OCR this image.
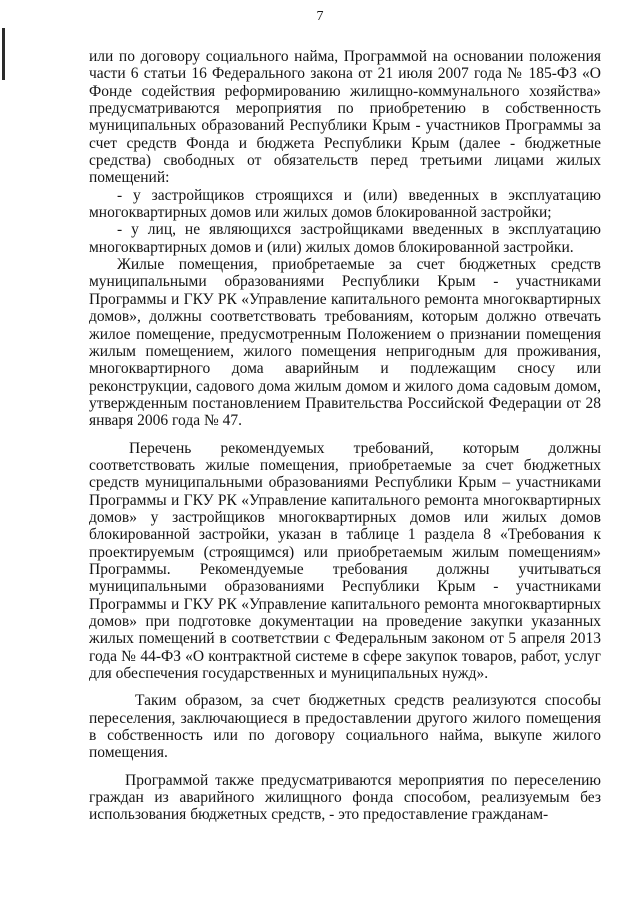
7

или по договору социального найма, Программой на основании положения части 6 статьи 16 Федерального закона от 21 июля 2007 года № 185-ФЗ «О Фонде содействия реформированию жилищно-коммунального хозяйства» предусматриваются мероприятия по приобретению в собственность муниципальных образований Республики Крым - участников Программы за счет средств Фонда и бюджета Республики Крым (далее - бюджетные средства) свободных от обязательств перед третьими лицами жилых помещений:

- у застройщиков строящихся и (или) введенных в эксплуатацию многоквартирных домов или жилых домов блокированной застройки;

- у лиц, не являющихся застройщиками введенных в эксплуатацию многоквартирных домов и (или) жилых домов блокированной застройки.

Жилые помещения, приобретаемые за счет бюджетных средств муниципальными образованиями Республики Крым - участниками Программы и ГКУ РК «Управление капитального ремонта многоквартирных домов», должны соответствовать требованиям, которым должно отвечать жилое помещение, предусмотренным Положением о признании помещения жилым помещением, жилого помещения непригодным для проживания, многоквартирного дома аварийным и подлежащим сносу или реконструкции, садового дома жилым домом и жилого дома садовым домом, утвержденным постановлением Правительства Российской Федерации от 28 января 2006 года № 47.

Перечень рекомендуемых требований, которым должны соответствовать жилые помещения, приобретаемые за счет бюджетных средств муниципальными образованиями Республики Крым – участниками Программы и ГКУ РК «Управление капитального ремонта многоквартирных домов» у застройщиков многоквартирных домов или жилых домов блокированной застройки, указан в таблице 1 раздела 8 «Требования к проектируемым (строящимся) или приобретаемым жилым помещениям» Программы. Рекомендуемые требования должны учитываться муниципальными образованиями Республики Крым - участниками Программы и ГКУ РК «Управление капитального ремонта многоквартирных домов» при подготовке документации на проведение закупки указанных жилых помещений в соответствии с Федеральным законом от 5 апреля 2013 года № 44-ФЗ «О контрактной системе в сфере закупок товаров, работ, услуг для обеспечения государственных и муниципальных нужд».

Таким образом, за счет бюджетных средств реализуются способы переселения, заключающиеся в предоставлении другого жилого помещения в собственность или по договору социального найма, выкупе жилого помещения.

Программой также предусматриваются мероприятия по переселению граждан из аварийного жилищного фонда способом, реализуемым без использования бюджетных средств, - это предоставление гражданам-
